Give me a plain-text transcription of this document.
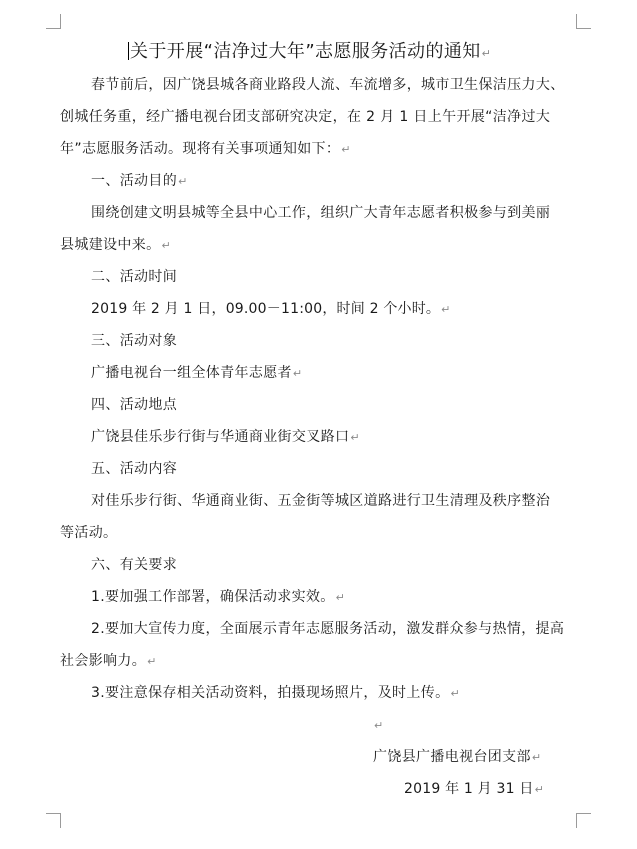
关于开展“洁净过大年”志愿服务活动的通知↵
春节前后，因广饶县城各商业路段人流、车流增多，城市卫生保洁压力大、
创城任务重，经广播电视台团支部研究决定，在 2 月 1 日上午开展“洁净过大
年”志愿服务活动。现将有关事项通知如下：↵
一、活动目的↵
围绕创建文明县城等全县中心工作，组织广大青年志愿者积极参与到美丽
县城建设中来。↵
二、活动时间
2019 年 2 月 1 日，09.00－11:00，时间 2 个小时。↵
三、活动对象
广播电视台一组全体青年志愿者↵
四、活动地点
广饶县佳乐步行街与华通商业街交叉路口↵
五、活动内容
对佳乐步行街、华通商业街、五金街等城区道路进行卫生清理及秩序整治
等活动。
六、有关要求
1.要加强工作部署，确保活动求实效。↵
2.要加大宣传力度，全面展示青年志愿服务活动，激发群众参与热情，提高
社会影响力。↵
3.要注意保存相关活动资料，拍摄现场照片，及时上传。↵
↵
广饶县广播电视台团支部↵
2019 年 1 月 31 日↵
